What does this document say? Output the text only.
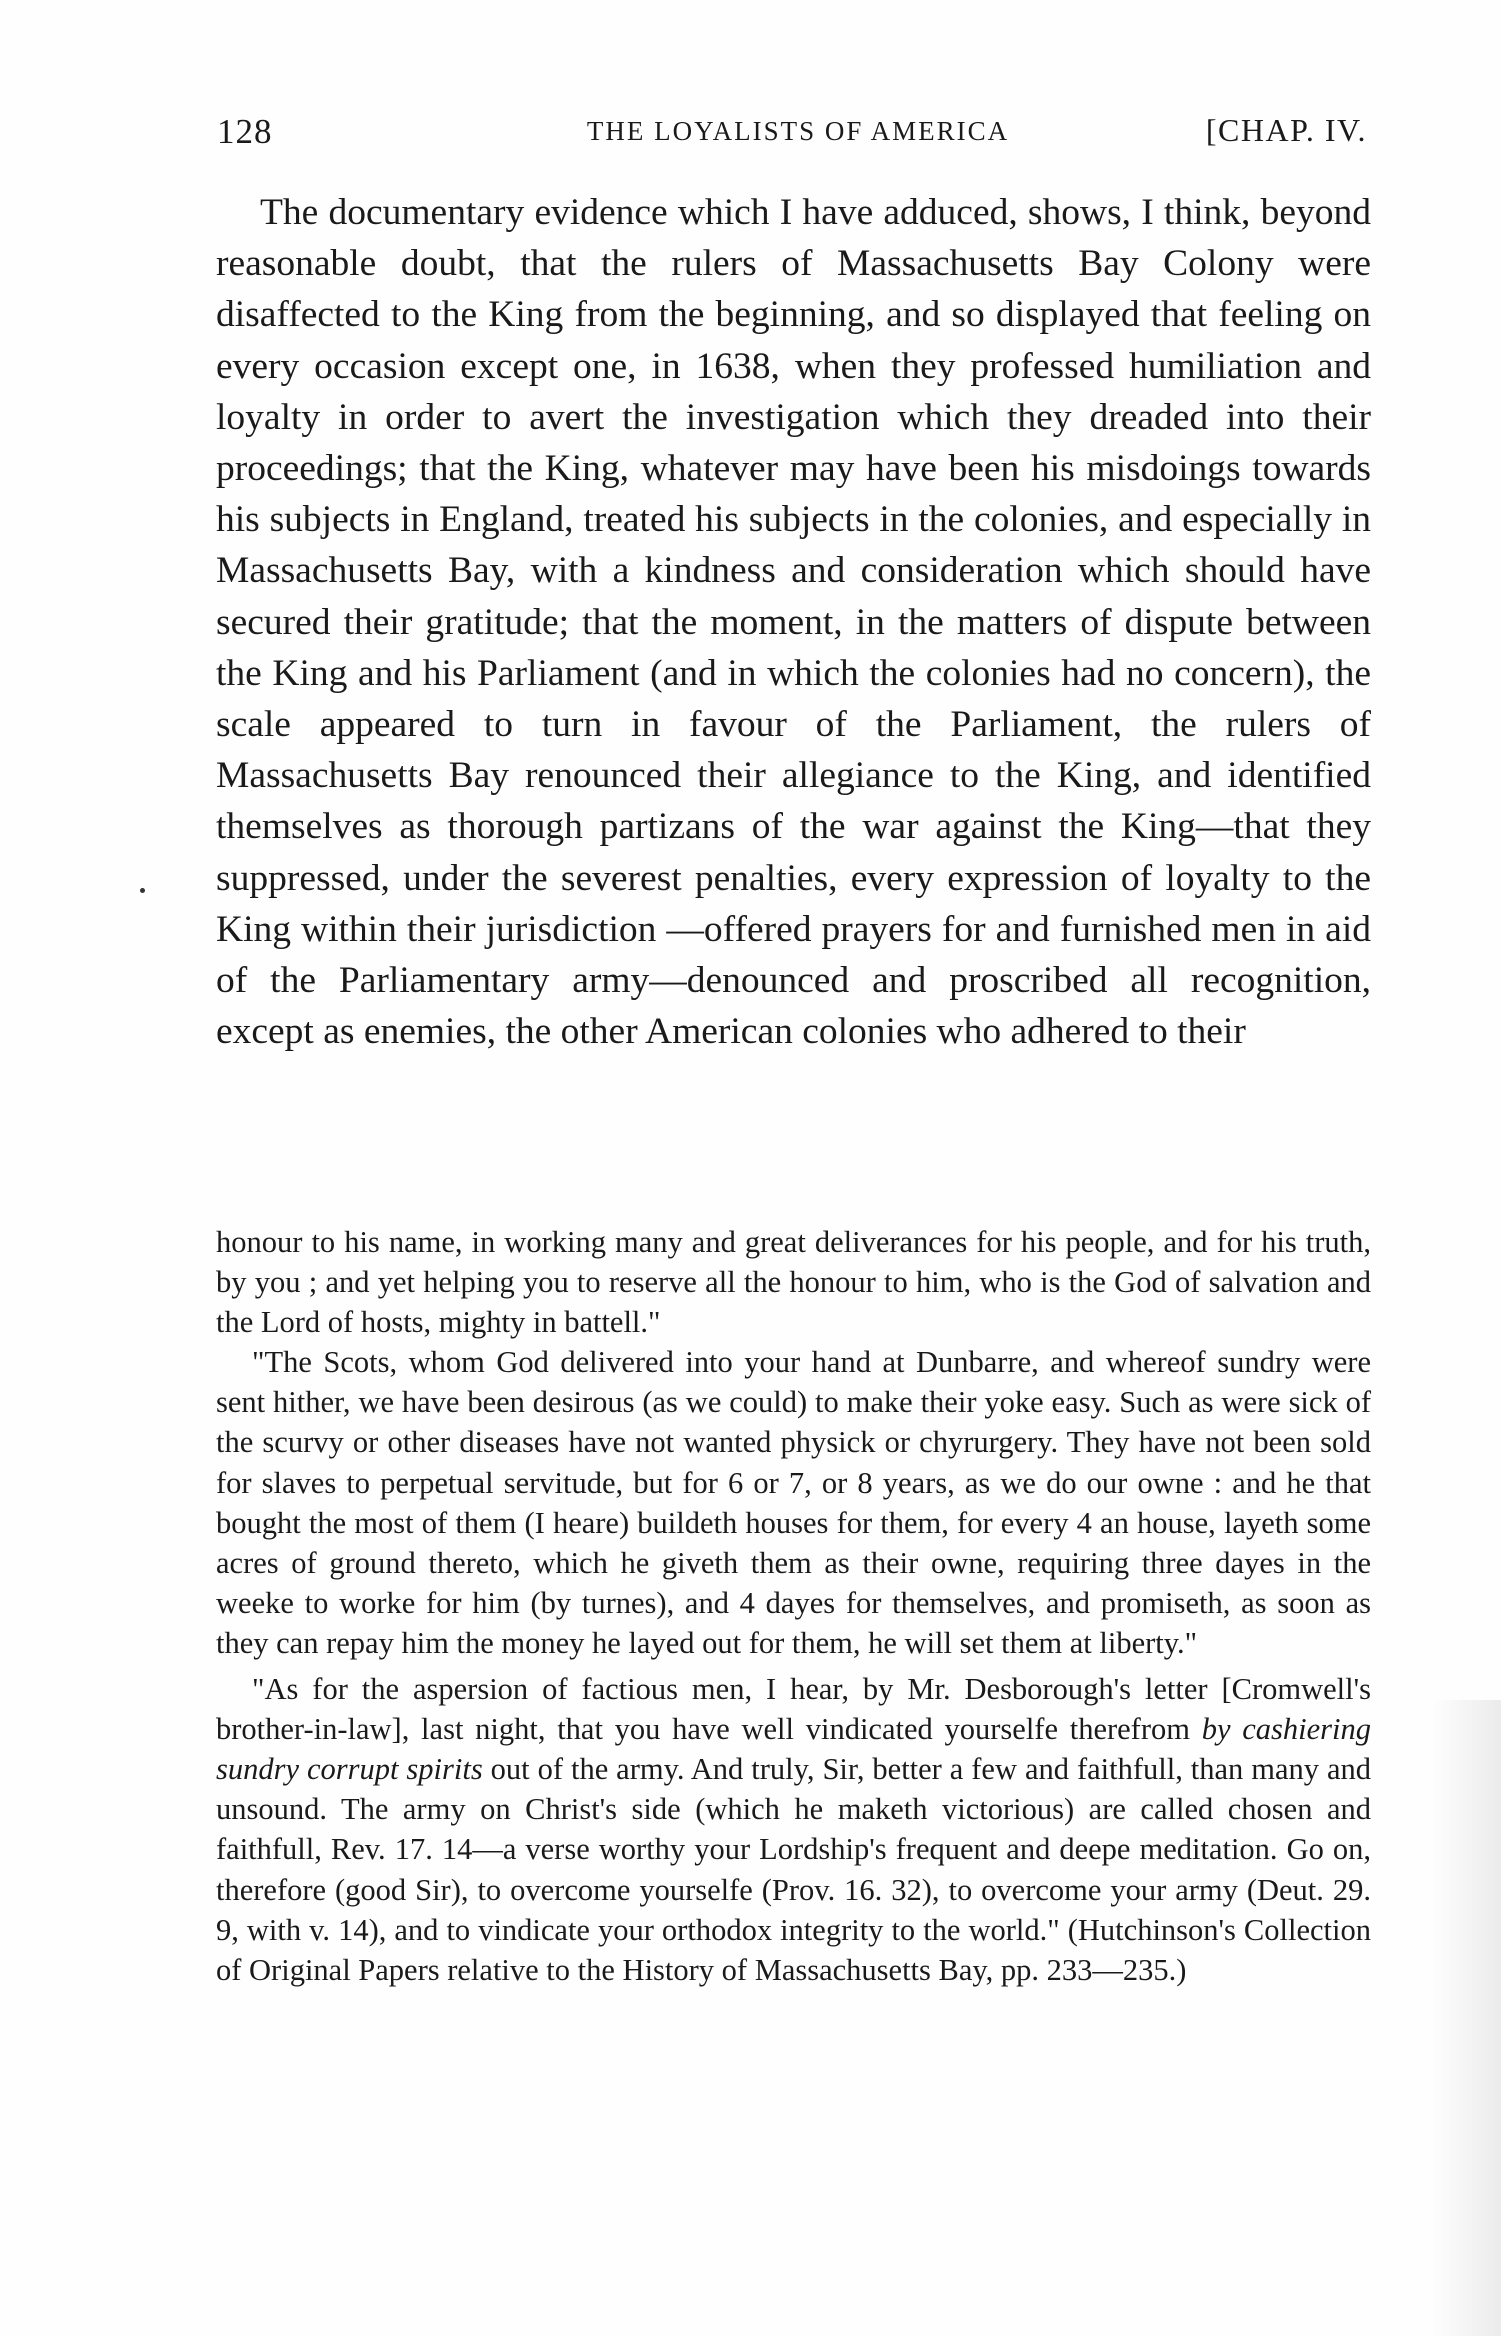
128	THE LOYALISTS OF AMERICA	[CHAP. IV.

The documentary evidence which I have adduced, shows, I think, beyond reasonable doubt, that the rulers of Massachusetts Bay Colony were disaffected to the King from the beginning, and so displayed that feeling on every occasion except one, in 1638, when they professed humiliation and loyalty in order to avert the investigation which they dreaded into their proceedings; that the King, whatever may have been his misdoings towards his subjects in England, treated his subjects in the colonies, and especially in Massachusetts Bay, with a kindness and consideration which should have secured their gratitude; that the moment, in the matters of dispute between the King and his Parliament (and in which the colonies had no concern), the scale appeared to turn in favour of the Parliament, the rulers of Massachusetts Bay renounced their allegiance to the King, and identified themselves as thorough partizans of the war against the King—that they suppressed, under the severest penalties, every expression of loyalty to the King within their jurisdiction —offered prayers for and furnished men in aid of the Parliamentary army—denounced and proscribed all recognition, except as enemies, the other American colonies who adhered to their

honour to his name, in working many and great deliverances for his people, and for his truth, by you ; and yet helping you to reserve all the honour to him, who is the God of salvation and the Lord of hosts, mighty in battell."

"The Scots, whom God delivered into your hand at Dunbarre, and whereof sundry were sent hither, we have been desirous (as we could) to make their yoke easy. Such as were sick of the scurvy or other diseases have not wanted physick or chyrurgery. They have not been sold for slaves to perpetual servitude, but for 6 or 7, or 8 years, as we do our owne : and he that bought the most of them (I heare) buildeth houses for them, for every 4 an house, layeth some acres of ground thereto, which he giveth them as their owne, requiring three dayes in the weeke to worke for him (by turnes), and 4 dayes for themselves, and promiseth, as soon as they can repay him the money he layed out for them, he will set them at liberty."

"As for the aspersion of factious men, I hear, by Mr. Desborough's letter [Cromwell's brother-in-law], last night, that you have well vindicated yourselfe therefrom by cashiering sundry corrupt spirits out of the army. And truly, Sir, better a few and faithfull, than many and unsound. The army on Christ's side (which he maketh victorious) are called chosen and faithfull, Rev. 17. 14—a verse worthy your Lordship's frequent and deepe meditation. Go on, therefore (good Sir), to overcome yourselfe (Prov. 16. 32), to overcome your army (Deut. 29. 9, with v. 14), and to vindicate your orthodox integrity to the world." (Hutchinson's Collection of Original Papers relative to the History of Massachusetts Bay, pp. 233—235.)
